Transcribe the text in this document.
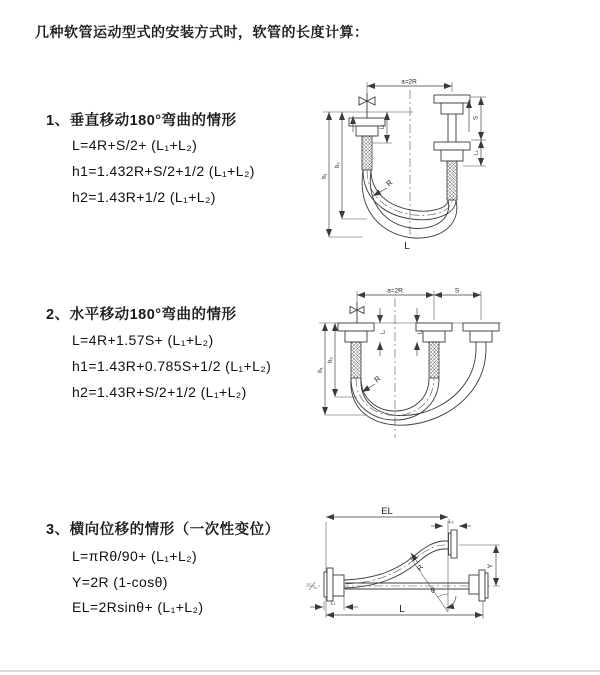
几种软管运动型式的安装方式时，软管的长度计算：
1、垂直移动180°弯曲的情形
L=4R+S/2+ (L₁+L₂)
h1=1.432R+S/2+1/2 (L₁+L₂)
h2=1.43R+1/2 (L₁+L₂)
2、水平移动180°弯曲的情形
L=4R+1.57S+ (L₁+L₂)
h1=1.43R+0.785S+1/2 (L₁+L₂)
h2=1.43R+S/2+1/2 (L₁+L₂)
3、横向位移的情形（一次性变位）
L=πRθ/90+ (L₁+L₂)
Y=2R (1-cosθ)
EL=2Rsinθ+ (L₁+L₂)
a=2R
L₁
S
L₂
h₂
h₁
R
L
a=2R	S
L₁	L₂
h₂
h₁
R
EL
L₂
Y
R
θ
L₁
L
